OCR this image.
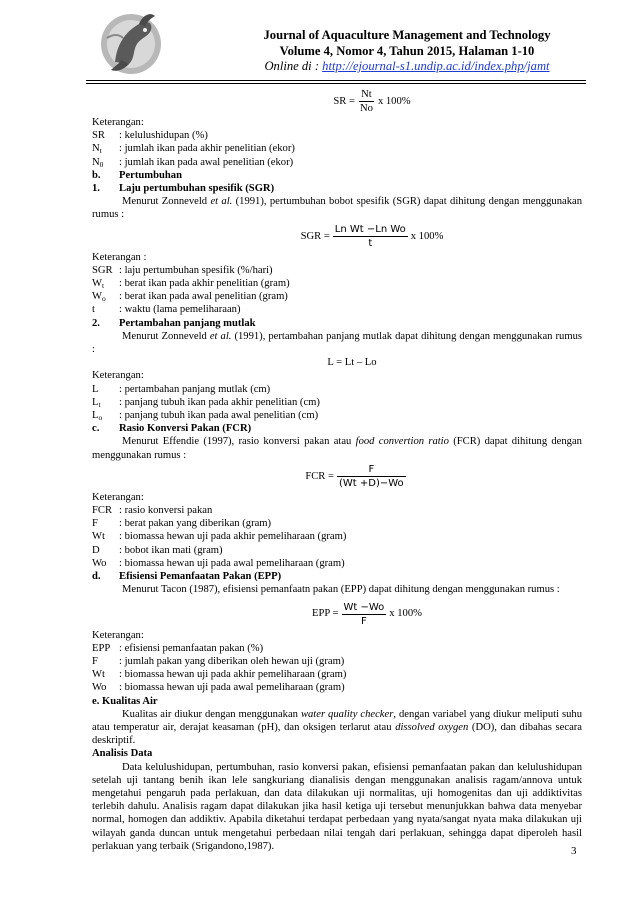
Journal of Aquaculture Management and Technology
Volume 4, Nomor 4, Tahun 2015, Halaman 1-10
Online di : http://ejournal-s1.undip.ac.id/index.php/jamt
SR = $\frac{Nt}{No}$ x 100%
Keterangan:
SR	: kelulushidupan (%)
$N_t$	: jumlah ikan pada akhir penelitian (ekor)
$N_0$	: jumlah ikan pada awal penelitian (ekor)
b.	Pertumbuhan
1.	Laju pertumbuhan spesifik (SGR)

Menurut Zonneveld et al. (1991), pertumbuhan bobot spesifik (SGR) dapat dihitung dengan menggunakan rumus :

SGR = $\frac{\text{Ln Wt −Ln Wo}}{t}$ x 100%
Keterangan :
SGR : laju pertumbuhan spesifik (%/hari)
$W_t$	: berat ikan pada akhir penelitian (gram)
$W_o$	: berat ikan pada awal penelitian (gram)
t	: waktu (lama pemeliharaan)
2.	Pertambahan panjang mutlak

Menurut Zonneveld et al. (1991), pertambahan panjang mutlak dapat dihitung dengan menggunakan rumus :

L = Lt – Lo
Keterangan:
L	: pertambahan panjang mutlak (cm)
$L_t$	: panjang tubuh ikan pada akhir penelitian (cm)
$L_o$	: panjang tubuh ikan pada awal penelitian (cm)
c.	Rasio Konversi Pakan (FCR)

Menurut Effendie (1997), rasio konversi pakan atau food convertion ratio (FCR) dapat dihitung dengan menggunakan rumus :

FCR = $\frac{F}{(Wt +D)-Wo}$
Keterangan:
FCR : rasio konversi pakan
F	: berat pakan yang diberikan (gram)
Wt	: biomassa hewan uji pada akhir pemeliharaan (gram)
D	: bobot ikan mati (gram)
Wo	: biomassa hewan uji pada awal pemeliharaan (gram)
d.	Efisiensi Pemanfaatan Pakan (EPP)

Menurut Tacon (1987), efisiensi pemanfaatn pakan (EPP) dapat dihitung dengan menggunakan rumus :

EPP = $\frac{Wt -Wo}{F}$ x 100%
Keterangan:
EPP : efisiensi pemanfaatan pakan (%)
F	: jumlah pakan yang diberikan oleh hewan uji (gram)
Wt	: biomassa hewan uji pada akhir pemeliharaan (gram)
Wo	: biomassa hewan uji pada awal pemeliharaan (gram)
e. Kualitas Air

Kualitas air diukur dengan menggunakan water quality checker, dengan variabel yang diukur meliputi suhu atau temperatur air, derajat keasaman (pH), dan oksigen terlarut atau dissolved oxygen (DO), dan dibahas secara deskriptif.

Analisis Data

Data kelulushidupan, pertumbuhan, rasio konversi pakan, efisiensi pemanfaatan pakan dan kelulushidupan setelah uji tantang benih ikan lele sangkuriang dianalisis dengan menggunakan analisis ragam/annova untuk mengetahui pengaruh pada perlakuan, dan data dilakukan uji normalitas, uji homogenitas dan uji addiktivitas terlebih dahulu. Analisis ragam dapat dilakukan jika hasil ketiga uji tersebut menunjukkan bahwa data menyebar normal, homogen dan addiktiv. Apabila diketahui terdapat perbedaan yang nyata/sangat nyata maka dilakukan uji wilayah ganda duncan untuk mengetahui perbedaan nilai tengah dari perlakuan, sehingga dapat diperoleh hasil perlakuan yang terbaik (Srigandono,1987).	3
